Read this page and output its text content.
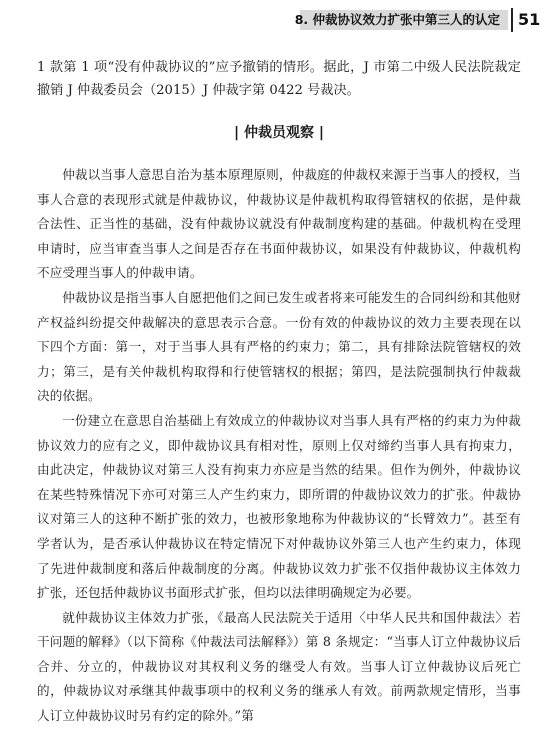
8. 仲裁协议效力扩张中第三人的认定 51

1 款第 1 项“没有仲裁协议的”应予撤销的情形。据此，J 市第二中级人民法院裁定撤销 J 仲裁委员会（2015）J 仲裁字第 0422 号裁决。

| 仲裁员观察 |

仲裁以当事人意思自治为基本原理原则，仲裁庭的仲裁权来源于当事人的授权，当事人合意的表现形式就是仲裁协议，仲裁协议是仲裁机构取得管辖权的依据，是仲裁合法性、正当性的基础，没有仲裁协议就没有仲裁制度构建的基础。仲裁机构在受理申请时，应当审查当事人之间是否存在书面仲裁协议，如果没有仲裁协议，仲裁机构不应受理当事人的仲裁申请。

仲裁协议是指当事人自愿把他们之间已发生或者将来可能发生的合同纠纷和其他财产权益纠纷提交仲裁解决的意思表示合意。一份有效的仲裁协议的效力主要表现在以下四个方面：第一，对于当事人具有严格的约束力；第二，具有排除法院管辖权的效力；第三，是有关仲裁机构取得和行使管辖权的根据；第四，是法院强制执行仲裁裁决的依据。

一份建立在意思自治基础上有效成立的仲裁协议对当事人具有严格的约束力为仲裁协议效力的应有之义，即仲裁协议具有相对性，原则上仅对缔约当事人具有拘束力，由此决定，仲裁协议对第三人没有拘束力亦应是当然的结果。但作为例外，仲裁协议在某些特殊情况下亦可对第三人产生约束力，即所谓的仲裁协议效力的扩张。仲裁协议对第三人的这种不断扩张的效力，也被形象地称为仲裁协议的“长臂效力”。甚至有学者认为，是否承认仲裁协议在特定情况下对仲裁协议外第三人也产生约束力，体现了先进仲裁制度和落后仲裁制度的分离。仲裁协议效力扩张不仅指仲裁协议主体效力扩张，还包括仲裁协议书面形式扩张，但均以法律明确规定为必要。

就仲裁协议主体效力扩张，《最高人民法院关于适用〈中华人民共和国仲裁法〉若干问题的解释》（以下简称《仲裁法司法解释》）第 8 条规定：“当事人订立仲裁协议后合并、分立的，仲裁协议对其权利义务的继受人有效。当事人订立仲裁协议后死亡的，仲裁协议对承继其仲裁事项中的权利义务的继承人有效。前两款规定情形，当事人订立仲裁协议时另有约定的除外。”第
